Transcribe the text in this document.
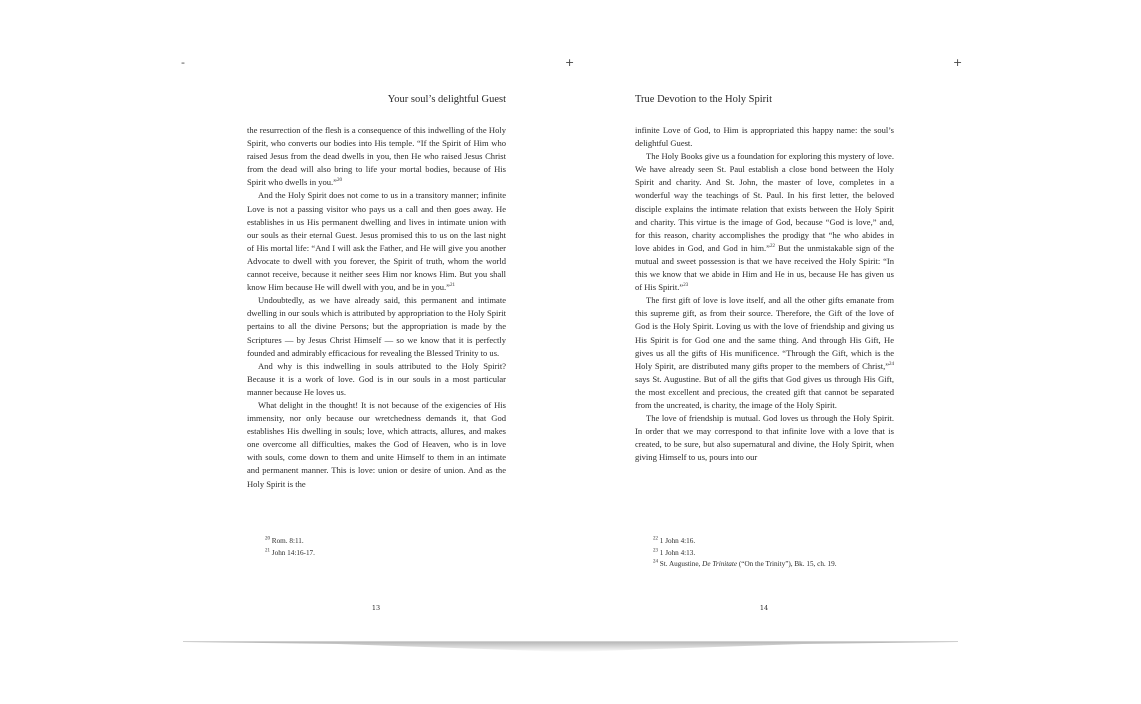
-	+	+
Your soul’s delightful Guest

the resurrection of the flesh is a consequence of this indwelling of the Holy Spirit, who converts our bodies into His temple. “If the Spirit of Him who raised Jesus from the dead dwells in you, then He who raised Jesus Christ from the dead will also bring to life your mortal bodies, because of His Spirit who dwells in you.”$^{20}$

And the Holy Spirit does not come to us in a transitory manner; infinite Love is not a passing visitor who pays us a call and then goes away. He establishes in us His permanent dwelling and lives in intimate union with our souls as their eternal Guest. Jesus promised this to us on the last night of His mortal life: “And I will ask the Father, and He will give you another Advocate to dwell with you forever, the Spirit of truth, whom the world cannot receive, because it neither sees Him nor knows Him. But you shall know Him because He will dwell with you, and be in you.”$^{21}$

Undoubtedly, as we have already said, this permanent and intimate dwelling in our souls which is attributed by appropriation to the Holy Spirit pertains to all the divine Persons; but the appropriation is made by the Scriptures — by Jesus Christ Himself — so we know that it is perfectly founded and admirably efficacious for revealing the Blessed Trinity to us.

And why is this indwelling in souls attributed to the Holy Spirit? Because it is a work of love. God is in our souls in a most particular manner because He loves us.

What delight in the thought! It is not because of the exigencies of His immensity, nor only because our wretchedness demands it, that God establishes His dwelling in souls; love, which attracts, allures, and makes one overcome all difficulties, makes the God of Heaven, who is in love with souls, come down to them and unite Himself to them in an intimate and permanent manner. This is love: union or desire of union. And as the Holy Spirit is the

$^{20}$ Rom. 8:11.

$^{21}$ John 14:16-17.

True Devotion to the Holy Spirit

infinite Love of God, to Him is appropriated this happy name: the soul’s delightful Guest.

The Holy Books give us a foundation for exploring this mystery of love. We have already seen St. Paul establish a close bond between the Holy Spirit and charity. And St. John, the master of love, completes in a wonderful way the teachings of St. Paul. In his first letter, the beloved disciple explains the intimate relation that exists between the Holy Spirit and charity. This virtue is the image of God, because “God is love,” and, for this reason, charity accomplishes the prodigy that “he who abides in love abides in God, and God in him.”$^{22}$ But the unmistakable sign of the mutual and sweet possession is that we have received the Holy Spirit: “In this we know that we abide in Him and He in us, because He has given us of His Spirit.”$^{23}$

The first gift of love is love itself, and all the other gifts emanate from this supreme gift, as from their source. Therefore, the Gift of the love of God is the Holy Spirit. Loving us with the love of friendship and giving us His Spirit is for God one and the same thing. And through His Gift, He gives us all the gifts of His munificence. “Through the Gift, which is the Holy Spirit, are distributed many gifts proper to the members of Christ,”$^{24}$ says St. Augustine. But of all the gifts that God gives us through His Gift, the most excellent and precious, the created gift that cannot be separated from the uncreated, is charity, the image of the Holy Spirit.

The love of friendship is mutual. God loves us through the Holy Spirit. In order that we may correspond to that infinite love with a love that is created, to be sure, but also supernatural and divine, the Holy Spirit, when giving Himself to us, pours into our

$^{22}$ 1 John 4:16.

$^{23}$ 1 John 4:13.

$^{24}$ St. Augustine, De Trinitate (“On the Trinity”), Bk. 15, ch. 19.

13	14
